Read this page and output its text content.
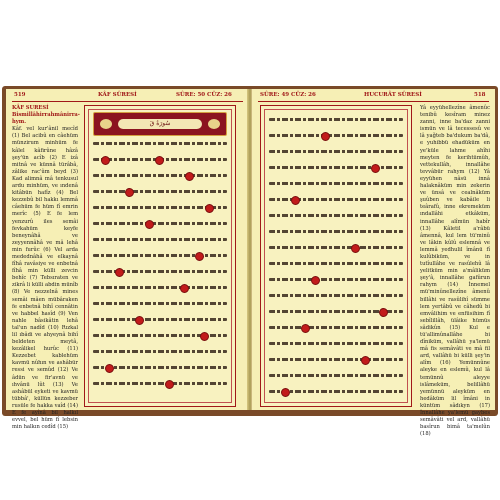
519	KÂF SÛRESİ	SÛRE: 50 CÜZ: 26
KÂF SURESİ
Bismillâhirrahmânirra-hym.
Kâf. vel kur'ânil mecîd (1) Bel acibû en câehüm münzirum minhüm fe kâlel kâfirûne hâzâ şey'ün acîb (2) E izâ mitnâ ve künnâ türâbâ, zâlike rac'ûm beyd (3) Kad alimnâ mâ tenkusul ardu minhüm, ve ındenâ kitâbün hafîz (4) Bel kezzebû bil hakkı lemmâ câehüm fe hüm fî emrin merîc (5) E fe lem yenzurû iles semâi fevkahüm keyfe beneynâhâ ve zeyyennâhâ ve mâ lehâ min furûc (6) Vel arda medednâhâ ve elkaynâ fîhâ ravâsiye ve enbetnâ fîhâ min külli zevcin behîc (7) Tebsıraten ve zikrâ li külli abdin münîb (8) Ve nezzelnâ mines semâi mâen mübâraken fe enbetnâ bihî cennâtin ve habbel hasîd (9) Ven nahle bâsikâtin lehâ tal'un nadîd (10) Rızkal lil ıbâdi ve ahyeynâ bihî beldeten meytâ, kezâlikel hurûc (11) Kezzebet kablehüm kavmü nûhın ve ashâbür ressi ve semûd (12) Ve âdün ve fir'avnü ve ıhvânü lût (13) Ve ashâbül eyketi ve kavmü tübbâ', küllün kezzeber rusüle fe hakka vaîd (14) E fe ayînâ bil halkıl evvel, bel hüm fî lebsin min halkın cedîd (15)
سُورَةُ قٓ
SÛRE: 49 CÜZ: 26	HUCURÂT SÛRESİ	518
Yâ eyyühellezîne âmenûc tenibû kesîram minez zanni, inne ba'daz zanni ismün ve lâ tecessesû ve lâ yağteb ba'dukum ba'dâ, e yuhibbü ehadüküm en ye'küle lahme ahîhi meyten fe kerihtümûh, vettekullâh, innallâhe tevvâbür rahym (12) Yâ eyyühen nâsü innâ halaknâküm min zekerin ve ünsâ ve cealnâküm şuûben ve kabâile li teârafû, inne ekremeküm ındallâhi etkâküm, innallâhe alîmün habîr (13) Kâletil a'râbü âmennâ, kul lem tü'minû ve lâkin kûlû eslemnâ ve lemmâ yedhulil îmânü fî kulûbiküm, ve in tutîullâhe ve rasûlehû lâ yelitküm min a'mâliküm şey'â, innallâhe gafûrun rahym (14) İnnemel mü'minûnellezîne âmenû billâhi ve rasûlihî sümme lem yertâbû ve câhedû bi emvâlihim ve enfüsihim fî sebîlillâh, ülâike hümüs sâdikûn (15) Kul e tü'allimûnallâhe bi dîniküm, vallâhü ya'lemü mâ fis semâvâti ve mâ fil ard, vallâhü bi külli şey'in alîm (16) Yemünnûne aleyke en eslemû, kul lâ temünnû aleyye islâmeküm, belillâhü yemünnü aleyküm en hedâküm lil îmâni in küntüm sâdıkyn (17) İnnallâhe ya'lemü gaybes semâvâti vel ard, vallâhü basîrun bimâ ta'melûn (18)
